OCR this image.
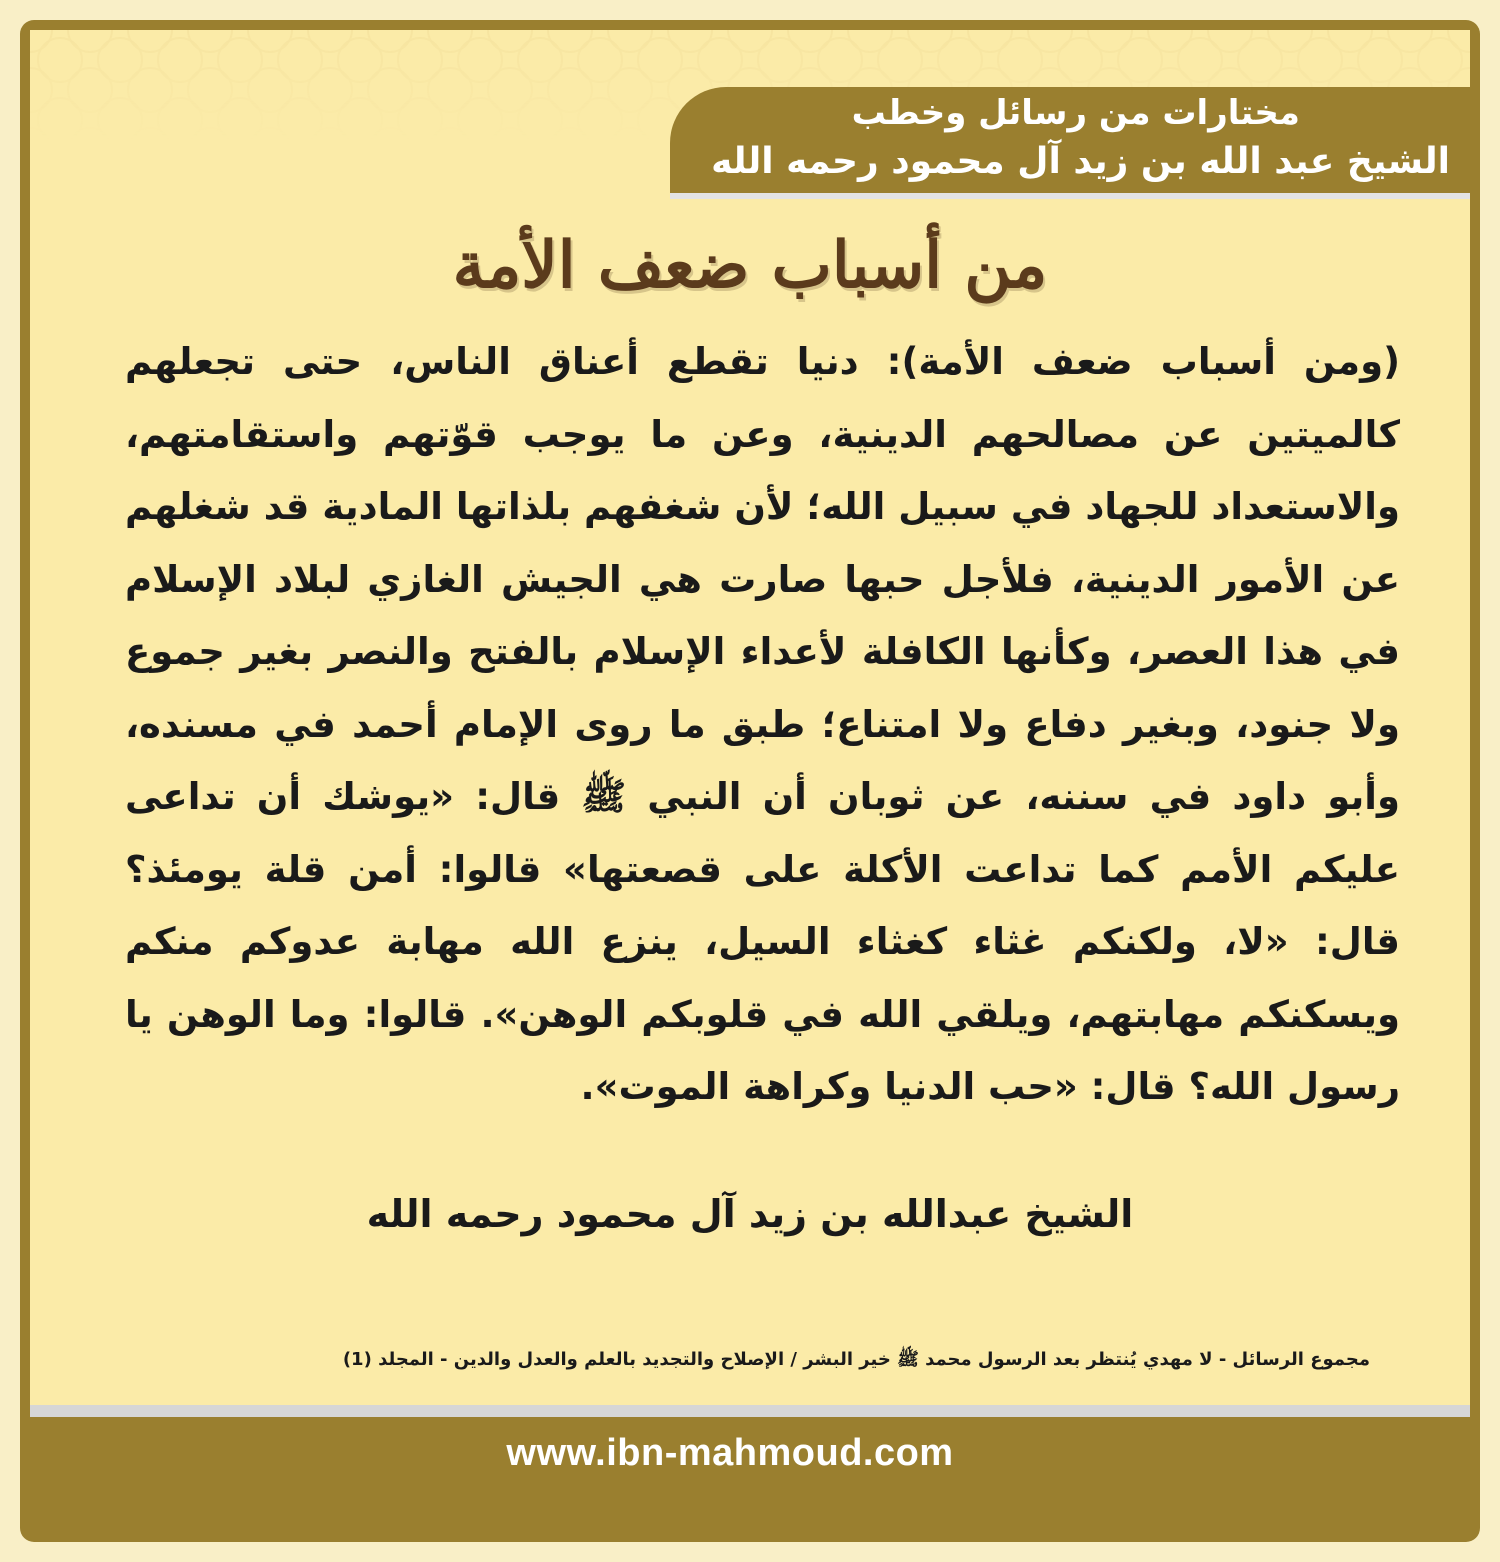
مختارات من رسائل وخطب
الشيخ عبد الله بن زيد آل محمود رحمه الله
من أسباب ضعف الأمة

(ومن أسباب ضعف الأمة): دنيا تقطع أعناق الناس، حتى تجعلهم كالميتين عن مصالحهم الدينية، وعن ما يوجب قوّتهم واستقامتهم، والاستعداد للجهاد في سبيل الله؛ لأن شغفهم بلذاتها المادية قد شغلهم عن الأمور الدينية، فلأجل حبها صارت هي الجيش الغازي لبلاد الإسلام في هذا العصر، وكأنها الكافلة لأعداء الإسلام بالفتح والنصر بغير جموع ولا جنود، وبغير دفاع ولا امتناع؛ طبق ما روى الإمام أحمد في مسنده، وأبو داود في سننه، عن ثوبان أن النبي ﷺ قال: «يوشك أن تداعى عليكم الأمم كما تداعت الأكلة على قصعتها» قالوا: أمن قلة يومئذ؟ قال: «لا، ولكنكم غثاء كغثاء السيل، ينزع الله مهابة عدوكم منكم ويسكنكم مهابتهم، ويلقي الله في قلوبكم الوهن». قالوا: وما الوهن يا رسول الله؟ قال: «حب الدنيا وكراهة الموت».

الشيخ عبدالله بن زيد آل محمود رحمه الله
مجموع الرسائل - لا مهدي يُنتظر بعد الرسول محمد ﷺ خير البشر / الإصلاح والتجديد بالعلم والعدل والدين - المجلد (1)
www.ibn-mahmoud.com
